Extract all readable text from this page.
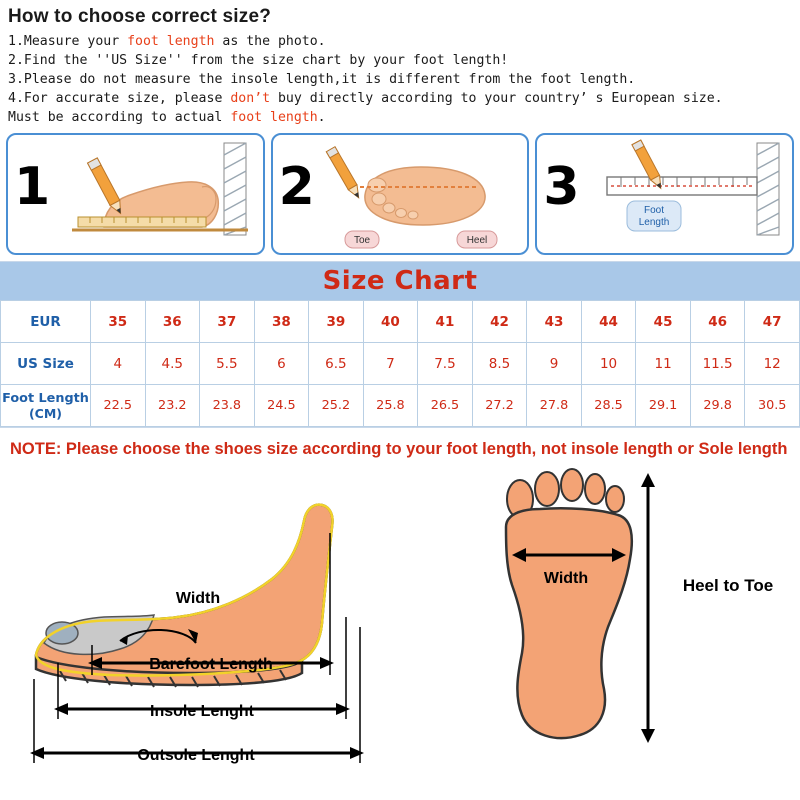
How to choose correct size?
1.Measure your foot length as the photo.
2.Find the ''US Size'' from the size chart by your foot length!
3.Please do not measure the insole length,it is different from the foot length.
4.For accurate size, please don’t buy directly according to your country’ s European size.
Must be according to actual foot length.
1	2
Toe	Heel
3	Foot
Length
Size Chart
EUR	35	36	37	38	39	40	41	42	43	44	45	46	47
US Size	4	4.5	5.5	6	6.5	7	7.5	8.5	9	10	11	11.5	12
Foot Length
(CM)	22.5	23.2	23.8	24.5	25.2	25.8	26.5	27.2	27.8	28.5	29.1	29.8	30.5
NOTE: Please choose the shoes size according to your foot length, not insole length or Sole length
Width
Barefoot Length
Insole Lenght
Outsole Lenght
Width	Heel to Toe
